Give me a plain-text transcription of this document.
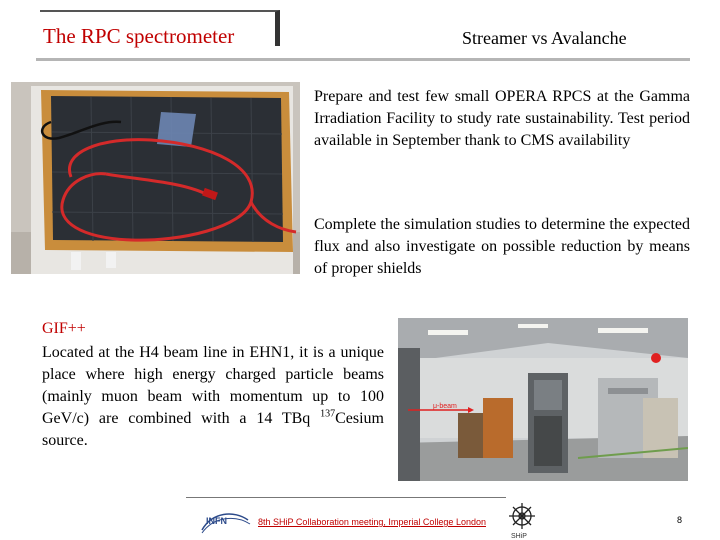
The RPC spectrometer	Streamer vs Avalanche
Prepare and test few small OPERA RPCS at the Gamma Irradiation Facility to study rate sustainability. Test period available in September thank to CMS availability
Complete the simulation studies to determine the expected flux and also investigate on possible reduction by means of proper shields
GIF++
Located at the H4 beam line in EHN1, it is a unique place where high energy charged particle beams (mainly muon beam with momentum up to 100 GeV/c) are combined with a 14 TBq $^{137}$Cesium source.
μ-beam
INFN	8th SHiP Collaboration meeting, Imperial College London
SHiP
8
